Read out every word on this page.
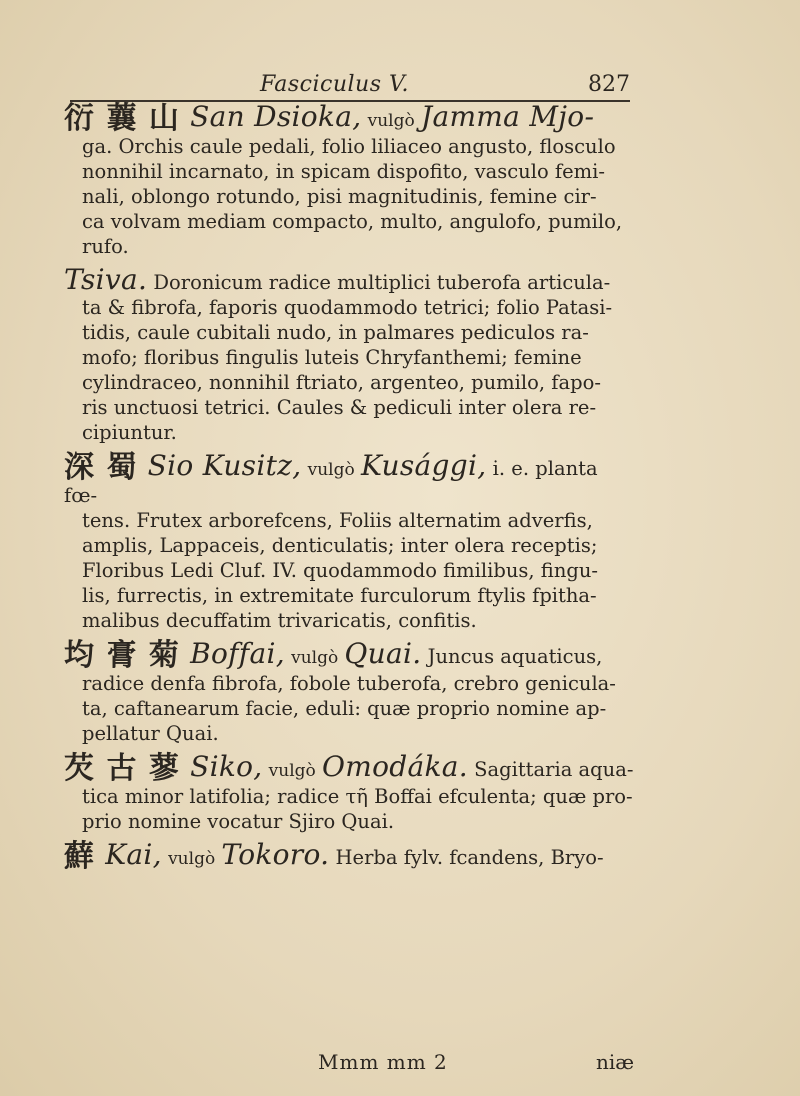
Fasciculus V.	827
衍 蘘 山 San Dsioka, vulgò Jamma Mjo-
ga. Orchis caule pedali, folio liliaceo angusto, flosculo
nonnihil incarnato, in spicam dispofito, vasculo femi-
nali, oblongo rotundo, pisi magnitudinis, femine cir-
ca volvam mediam compacto, multo, angulofo, pumilo,
rufo.
Tsiva. Doronicum radice multiplici tuberofa articula-
ta & fibrofa, faporis quodammodo tetrici; folio Patasi-
tidis, caule cubitali nudo, in palmares pediculos ra-
mofo; floribus fingulis luteis Chryfanthemi; femine
cylindraceo, nonnihil ftriato, argenteo, pumilo, fapo-
ris unctuosi tetrici. Caules & pediculi inter olera re-
cipiuntur.
深 蜀 Sio Kusitz, vulgò Kusággi, i. e. planta fœ-
tens. Frutex arborefcens, Foliis alternatim adverfis,
amplis, Lappaceis, denticulatis; inter olera receptis;
Floribus Ledi Cluf. IV. quodammodo fimilibus, fingu-
lis, furrectis, in extremitate furculorum ftylis fpitha-
malibus decuffatim trivaricatis, confitis.
均 膏 菊 Boffai, vulgò Quai. Juncus aquaticus,
radice denfa fibrofa, fobole tuberofa, crebro genicula-
ta, caftanearum facie, eduli: quæ proprio nomine ap-
pellatur Quai.
芡 古 蓼 Siko, vulgò Omodáka. Sagittaria aqua-
tica minor latifolia; radice τῆ Boffai efculenta; quæ pro-
prio nomine vocatur Sjiro Quai.
蘚 Kai, vulgò Tokoro. Herba fylv. fcandens, Bryo-
Mmm mm 2	niæ
